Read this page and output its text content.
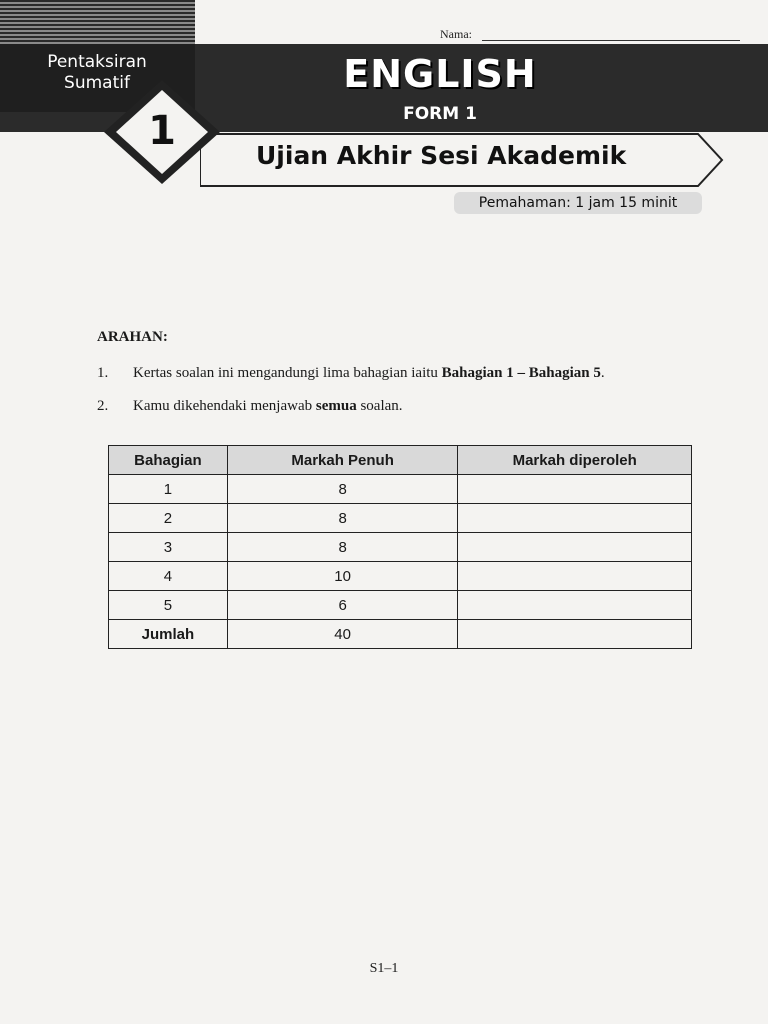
Pentaksiran
Sumatif
Nama:
ENGLISH
FORM 1
Ujian Akhir Sesi Akademik
1
Pemahaman: 1 jam 15 minit
ARAHAN:
1.	Kertas soalan ini mengandungi lima bahagian iaitu Bahagian 1 – Bahagian 5.
2.	Kamu dikehendaki menjawab semua soalan.
Bahagian	Markah Penuh	Markah diperoleh
1	8	
2	8	
3	8	
4	10	
5	6	
Jumlah	40	
S1–1
